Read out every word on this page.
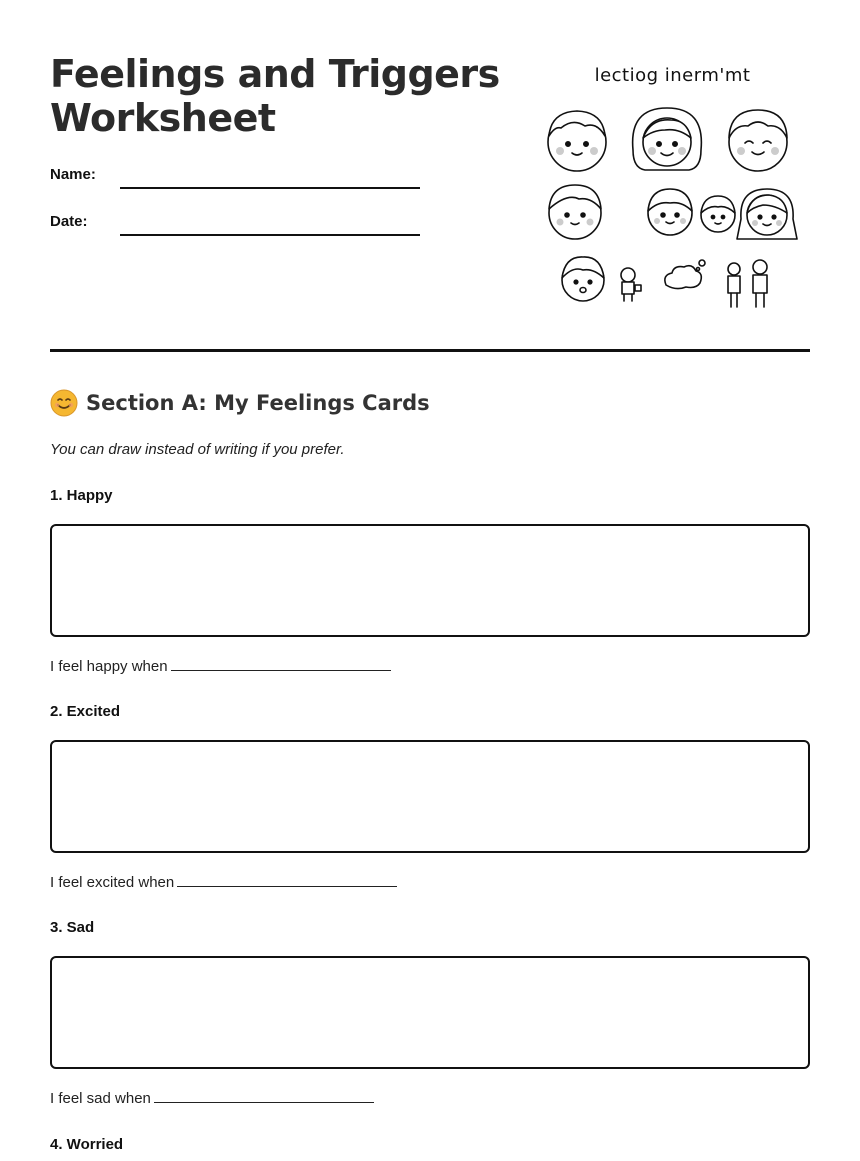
Feelings and Triggers
Worksheet
Name:
Date:
lectiog inerm'mt
Section A: My Feelings Cards
You can draw instead of writing if you prefer.
1. Happy
I feel happy when
2. Excited
I feel excited when
3. Sad
I feel sad when
4. Worried
